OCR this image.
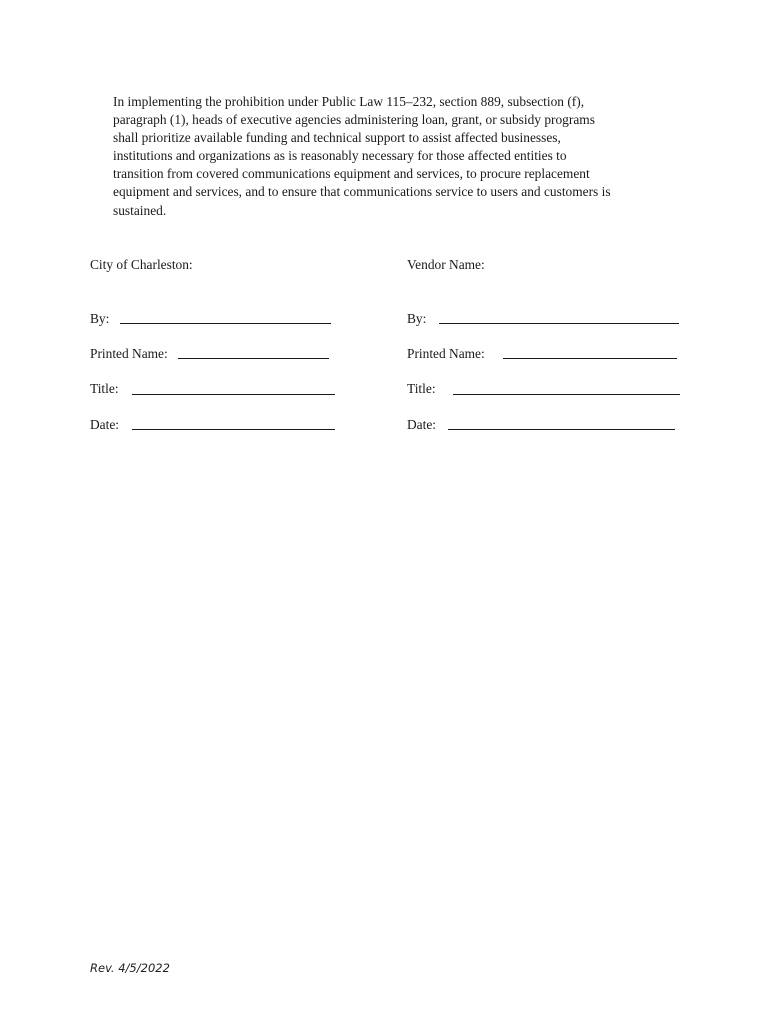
In implementing the prohibition under Public Law 115–232, section 889, subsection (f),
paragraph (1), heads of executive agencies administering loan, grant, or subsidy programs
shall prioritize available funding and technical support to assist affected businesses,
institutions and organizations as is reasonably necessary for those affected entities to
transition from covered communications equipment and services, to procure replacement
equipment and services, and to ensure that communications service to users and customers is
sustained.
City of Charleston:
By:
Printed Name:
Title:
Date:
Vendor Name:
By:
Printed Name:
Title:
Date:
Rev. 4/5/2022
